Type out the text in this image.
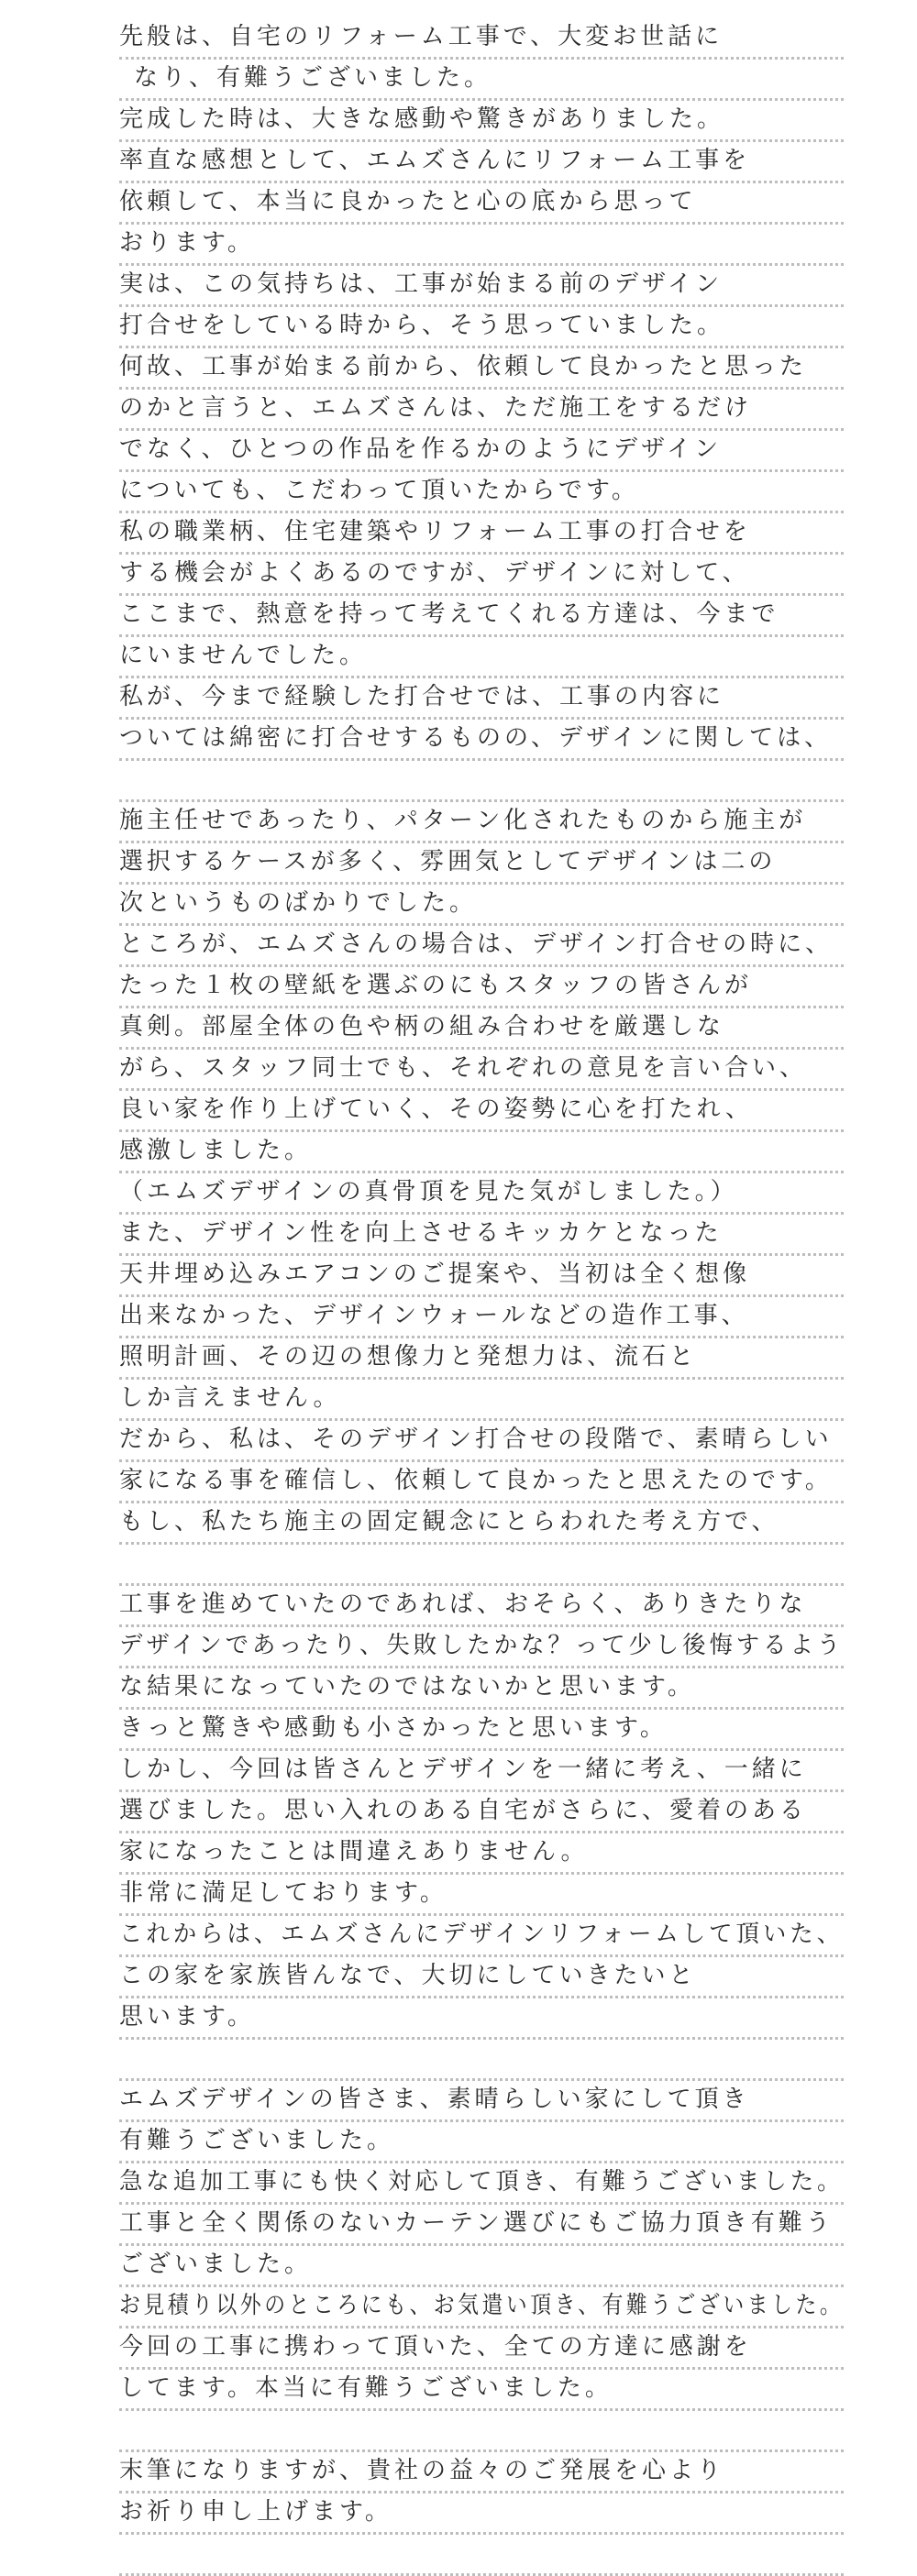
先般は、自宅のリフォーム工事で、大変お世話に
なり、有難うございました。
完成した時は、大きな感動や驚きがありました。
率直な感想として、エムズさんにリフォーム工事を
依頼して、本当に良かったと心の底から思って
おります。
実は、この気持ちは、工事が始まる前のデザイン
打合せをしている時から、そう思っていました。
何故、工事が始まる前から、依頼して良かったと思った
のかと言うと、エムズさんは、ただ施工をするだけ
でなく、ひとつの作品を作るかのようにデザイン
についても、こだわって頂いたからです。
私の職業柄、住宅建築やリフォーム工事の打合せを
する機会がよくあるのですが、デザインに対して、
ここまで、熱意を持って考えてくれる方達は、今まで
にいませんでした。
私が、今まで経験した打合せでは、工事の内容に
ついては綿密に打合せするものの、デザインに関しては、
施主任せであったり、パターン化されたものから施主が
選択するケースが多く、雰囲気としてデザインは二の
次というものばかりでした。
ところが、エムズさんの場合は、デザイン打合せの時に、
たった１枚の壁紙を選ぶのにもスタッフの皆さんが
真剣。部屋全体の色や柄の組み合わせを厳選しな
がら、スタッフ同士でも、それぞれの意見を言い合い、
良い家を作り上げていく、その姿勢に心を打たれ、
感激しました。
（エムズデザインの真骨頂を見た気がしました。）
また、デザイン性を向上させるキッカケとなった
天井埋め込みエアコンのご提案や、当初は全く想像
出来なかった、デザインウォールなどの造作工事、
照明計画、その辺の想像力と発想力は、流石と
しか言えません。
だから、私は、そのデザイン打合せの段階で、素晴らしい
家になる事を確信し、依頼して良かったと思えたのです。
もし、私たち施主の固定観念にとらわれた考え方で、
工事を進めていたのであれば、おそらく、ありきたりな
デザインであったり、失敗したかな？って少し後悔するよう
な結果になっていたのではないかと思います。
きっと驚きや感動も小さかったと思います。
しかし、今回は皆さんとデザインを一緒に考え、一緒に
選びました。思い入れのある自宅がさらに、愛着のある
家になったことは間違えありません。
非常に満足しております。
これからは、エムズさんにデザインリフォームして頂いた、
この家を家族皆んなで、大切にしていきたいと
思います。
エムズデザインの皆さま、素晴らしい家にして頂き
有難うございました。
急な追加工事にも快く対応して頂き、有難うございました。
工事と全く関係のないカーテン選びにもご協力頂き有難う
ございました。
お見積り以外のところにも、お気遣い頂き、有難うございました。
今回の工事に携わって頂いた、全ての方達に感謝を
してます。本当に有難うございました。
末筆になりますが、貴社の益々のご発展を心より
お祈り申し上げます。
